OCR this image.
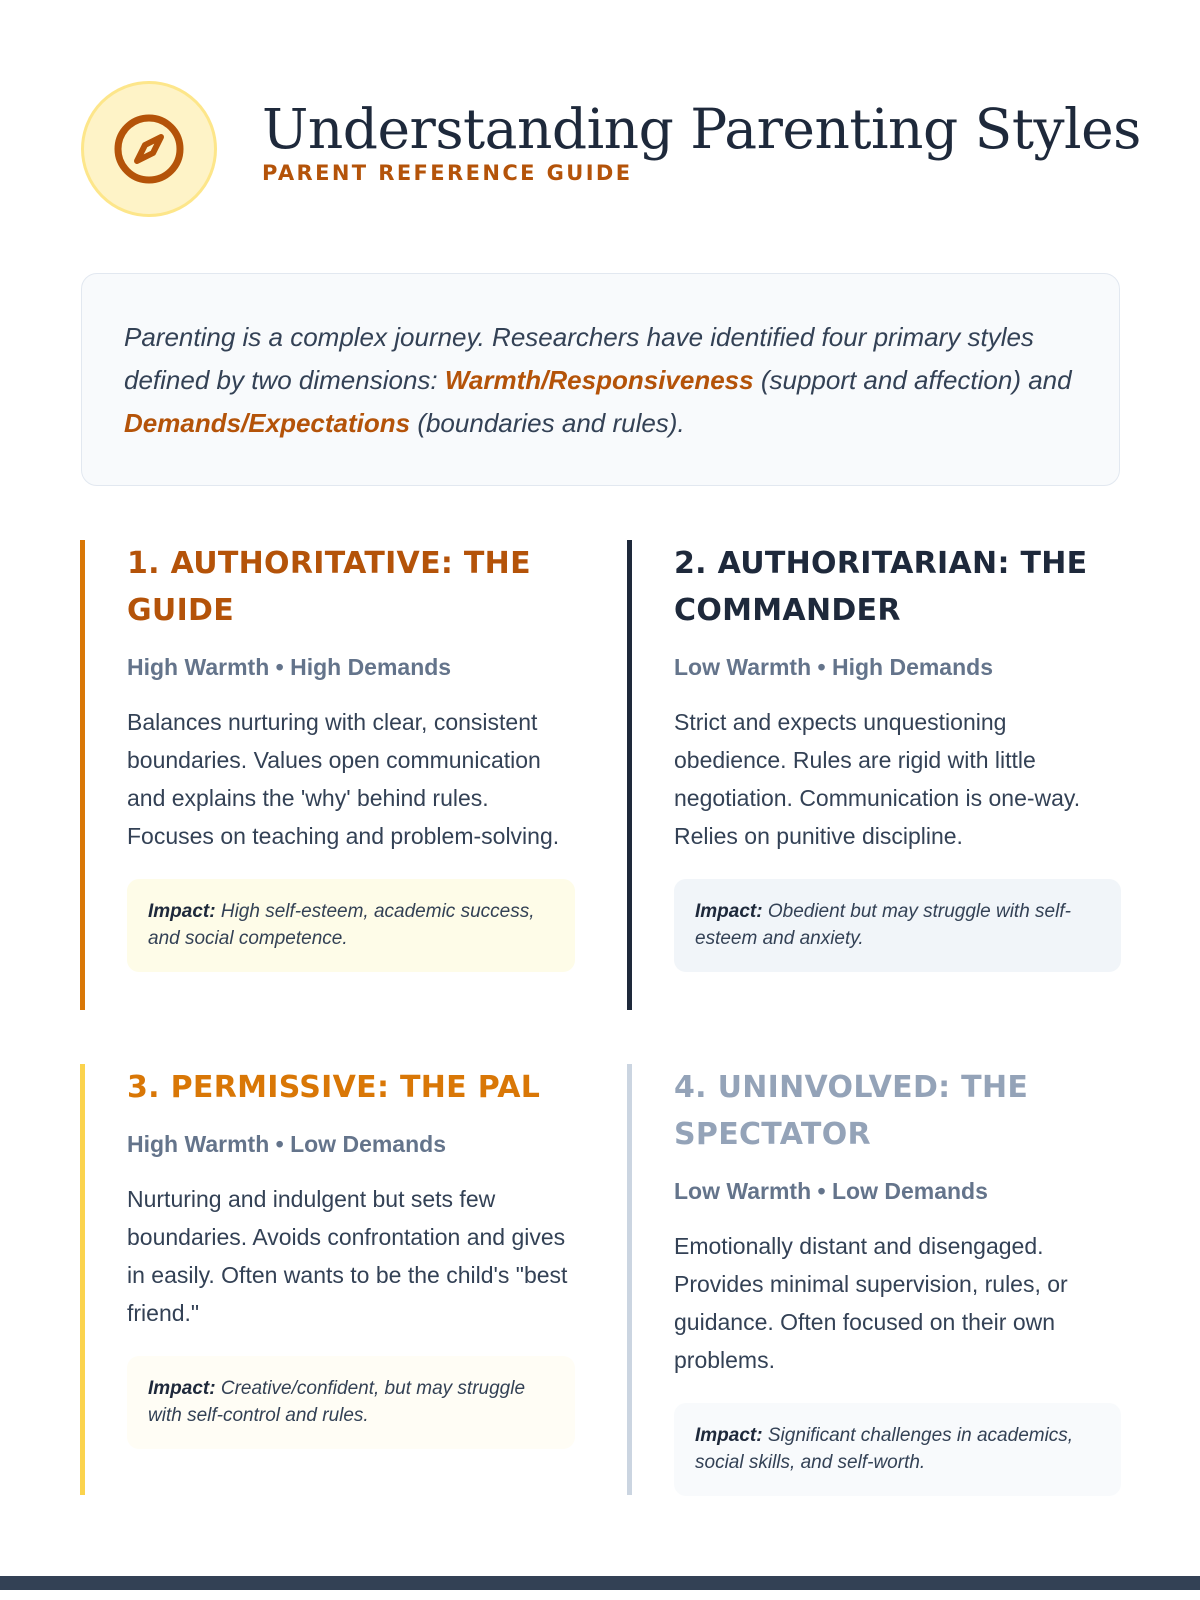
Understanding Parenting Styles
PARENT REFERENCE GUIDE

Parenting is a complex journey. Researchers have identified four primary styles defined by two dimensions: Warmth/Responsiveness (support and affection) and Demands/Expectations (boundaries and rules).

1. AUTHORITATIVE: THE GUIDE
High Warmth • High Demands
Balances nurturing with clear, consistent boundaries. Values open communication and explains the 'why' behind rules. Focuses on teaching and problem-solving.
Impact: High self-esteem, academic success, and social competence.
2. AUTHORITARIAN: THE COMMANDER
Low Warmth • High Demands
Strict and expects unquestioning obedience. Rules are rigid with little negotiation. Communication is one-way. Relies on punitive discipline.
Impact: Obedient but may struggle with self-esteem and anxiety.
3. PERMISSIVE: THE PAL
High Warmth • Low Demands
Nurturing and indulgent but sets few boundaries. Avoids confrontation and gives in easily. Often wants to be the child's "best friend."
Impact: Creative/confident, but may struggle with self-control and rules.
4. UNINVOLVED: THE SPECTATOR
Low Warmth • Low Demands
Emotionally distant and disengaged. Provides minimal supervision, rules, or guidance. Often focused on their own problems.
Impact: Significant challenges in academics, social skills, and self-worth.
